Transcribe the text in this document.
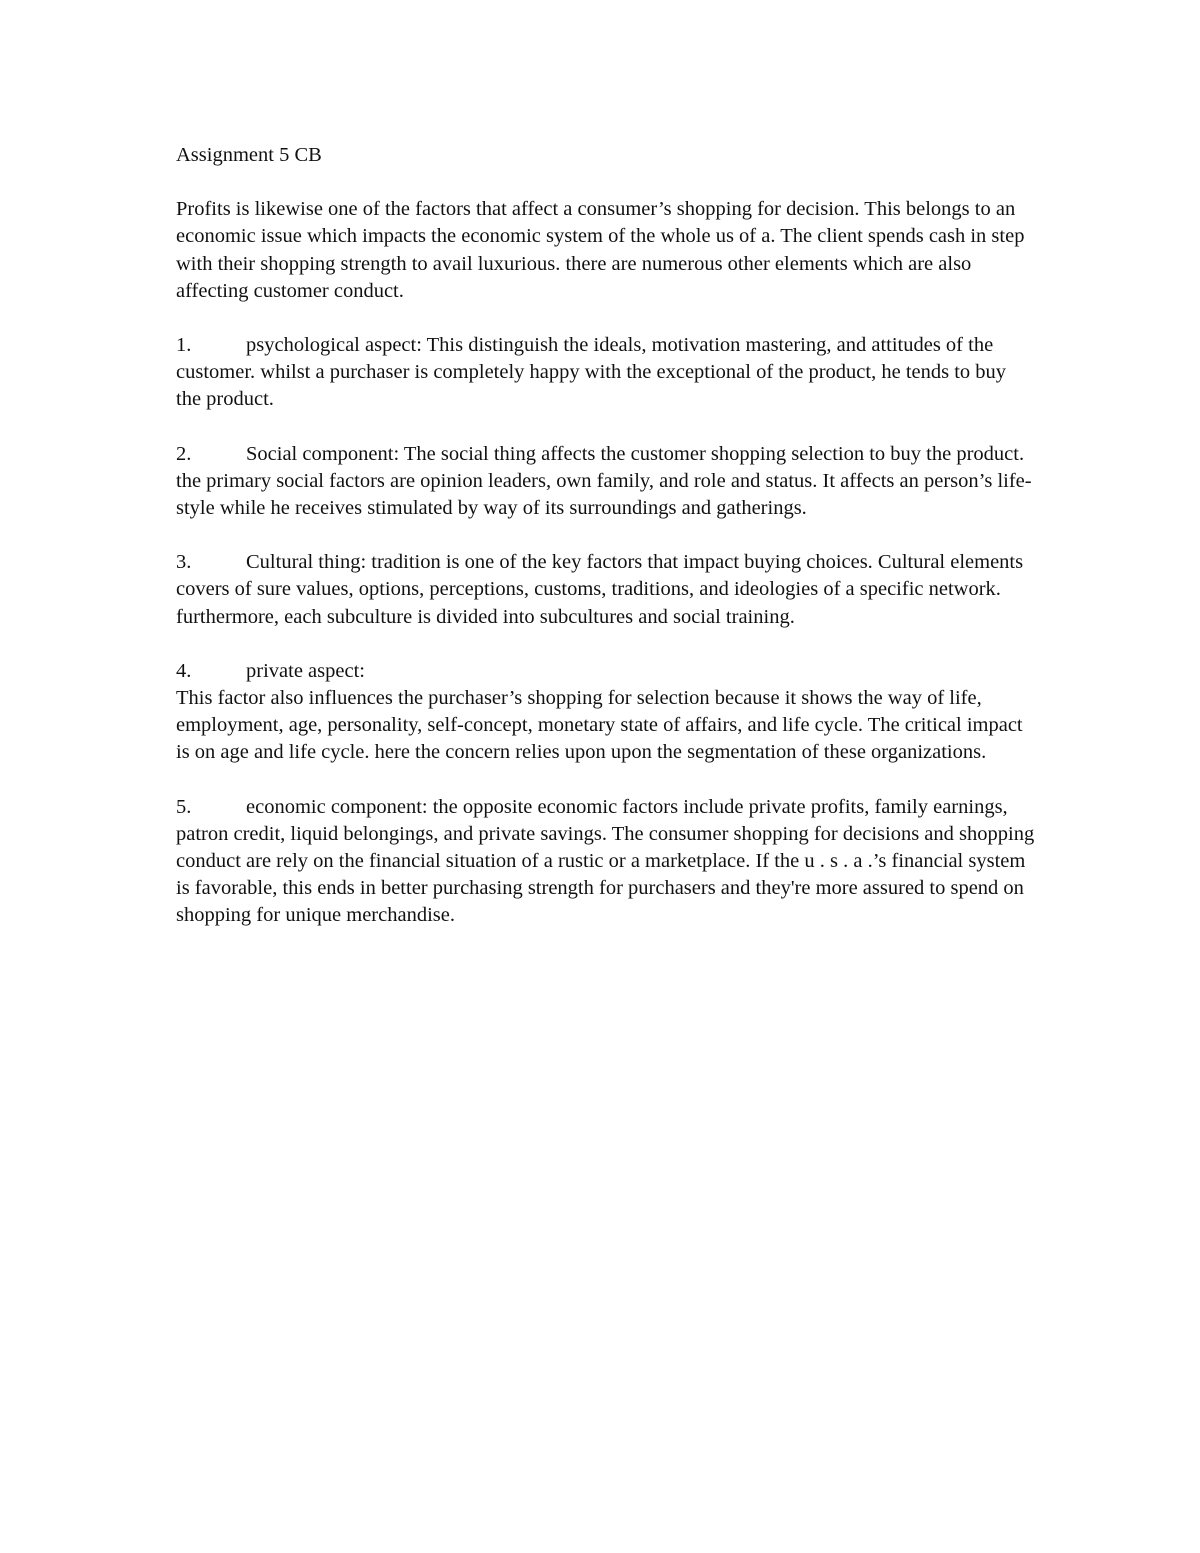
Assignment 5 CB
Profits is likewise one of the factors that affect a consumer’s shopping for decision. This belongs to an economic issue which impacts the economic system of the whole us of a. The client spends cash in step with their shopping strength to avail luxurious. there are numerous other elements which are also affecting customer conduct.
1.	psychological aspect: This distinguish the ideals, motivation mastering, and attitudes of the customer. whilst a purchaser is completely happy with the exceptional of the product, he tends to buy the product.
2.	Social component: The social thing affects the customer shopping selection to buy the product. the primary social factors are opinion leaders, own family, and role and status. It affects an person’s life-style while he receives stimulated by way of its surroundings and gatherings.
3.	Cultural thing: tradition is one of the key factors that impact buying choices. Cultural elements covers of sure values, options, perceptions, customs, traditions, and ideologies of a specific network. furthermore, each subculture is divided into subcultures and social training.
4.	private aspect:
This factor also influences the purchaser’s shopping for selection because it shows the way of life, employment, age, personality, self-concept, monetary state of affairs, and life cycle. The critical impact is on age and life cycle. here the concern relies upon upon the segmentation of these organizations.
5.	economic component: the opposite economic factors include private profits, family earnings, patron credit, liquid belongings, and private savings. The consumer shopping for decisions and shopping conduct are rely on the financial situation of a rustic or a marketplace. If the u . s . a .’s financial system is favorable, this ends in better purchasing strength for purchasers and they're more assured to spend on shopping for unique merchandise.
